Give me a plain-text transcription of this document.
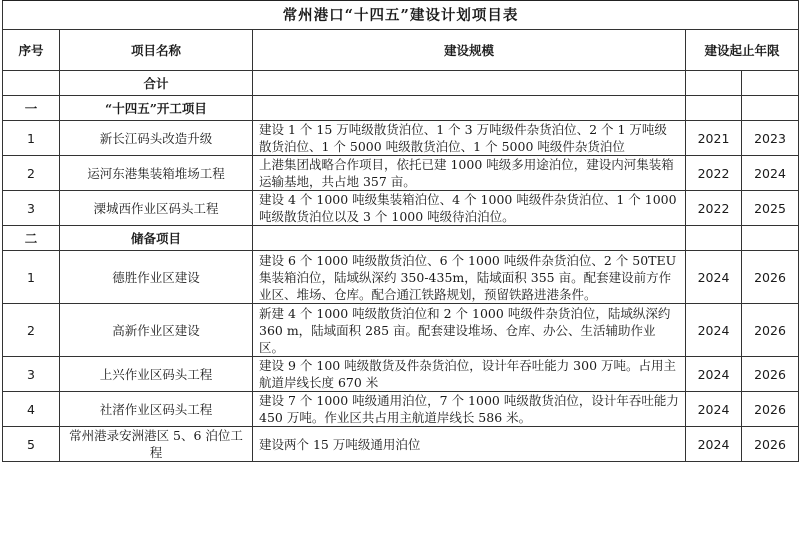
常州港口“十四五”建设计划项目表				
序号	项目名称	建设规模	建设起止年限	
	合计			
一	“十四五”开工项目			
1	新长江码头改造升级	建设 1 个 15 万吨级散货泊位、1 个 3 万吨级件杂货泊位、2 个 1 万吨级散货泊位、1 个 5000 吨级散货泊位、1 个 5000 吨级件杂货泊位	2021	2023
2	运河东港集装箱堆场工程	上港集团战略合作项目，依托已建 1000 吨级多用途泊位，建设内河集装箱运输基地，共占地 357 亩。	2022	2024
3	溧城西作业区码头工程	建设 4 个 1000 吨级集装箱泊位、4 个 1000 吨级件杂货泊位、1 个 1000 吨级散货泊位以及 3 个 1000 吨级待泊泊位。	2022	2025
二	储备项目			
1	德胜作业区建设	建设 6 个 1000 吨级散货泊位、6 个 1000 吨级件杂货泊位、2 个 50TEU 集装箱泊位，陆域纵深约 350-435m，陆域面积 355 亩。配套建设前方作业区、堆场、仓库。配合通江铁路规划，预留铁路进港条件。	2024	2026
2	高新作业区建设	新建 4 个 1000 吨级散货泊位和 2 个 1000 吨级件杂货泊位，陆域纵深约 360 m，陆域面积 285 亩。配套建设堆场、仓库、办公、生活辅助作业区。	2024	2026
3	上兴作业区码头工程	建设 9 个 100 吨级散货及件杂货泊位，设计年吞吐能力 300 万吨。占用主航道岸线长度 670 米	2024	2026
4	社渚作业区码头工程	建设 7 个 1000 吨级通用泊位，7 个 1000 吨级散货泊位，设计年吞吐能力 450 万吨。作业区共占用主航道岸线长 586 米。	2024	2026
5	常州港录安洲港区 5、6 泊位工程	建设两个 15 万吨级通用泊位	2024	2026
